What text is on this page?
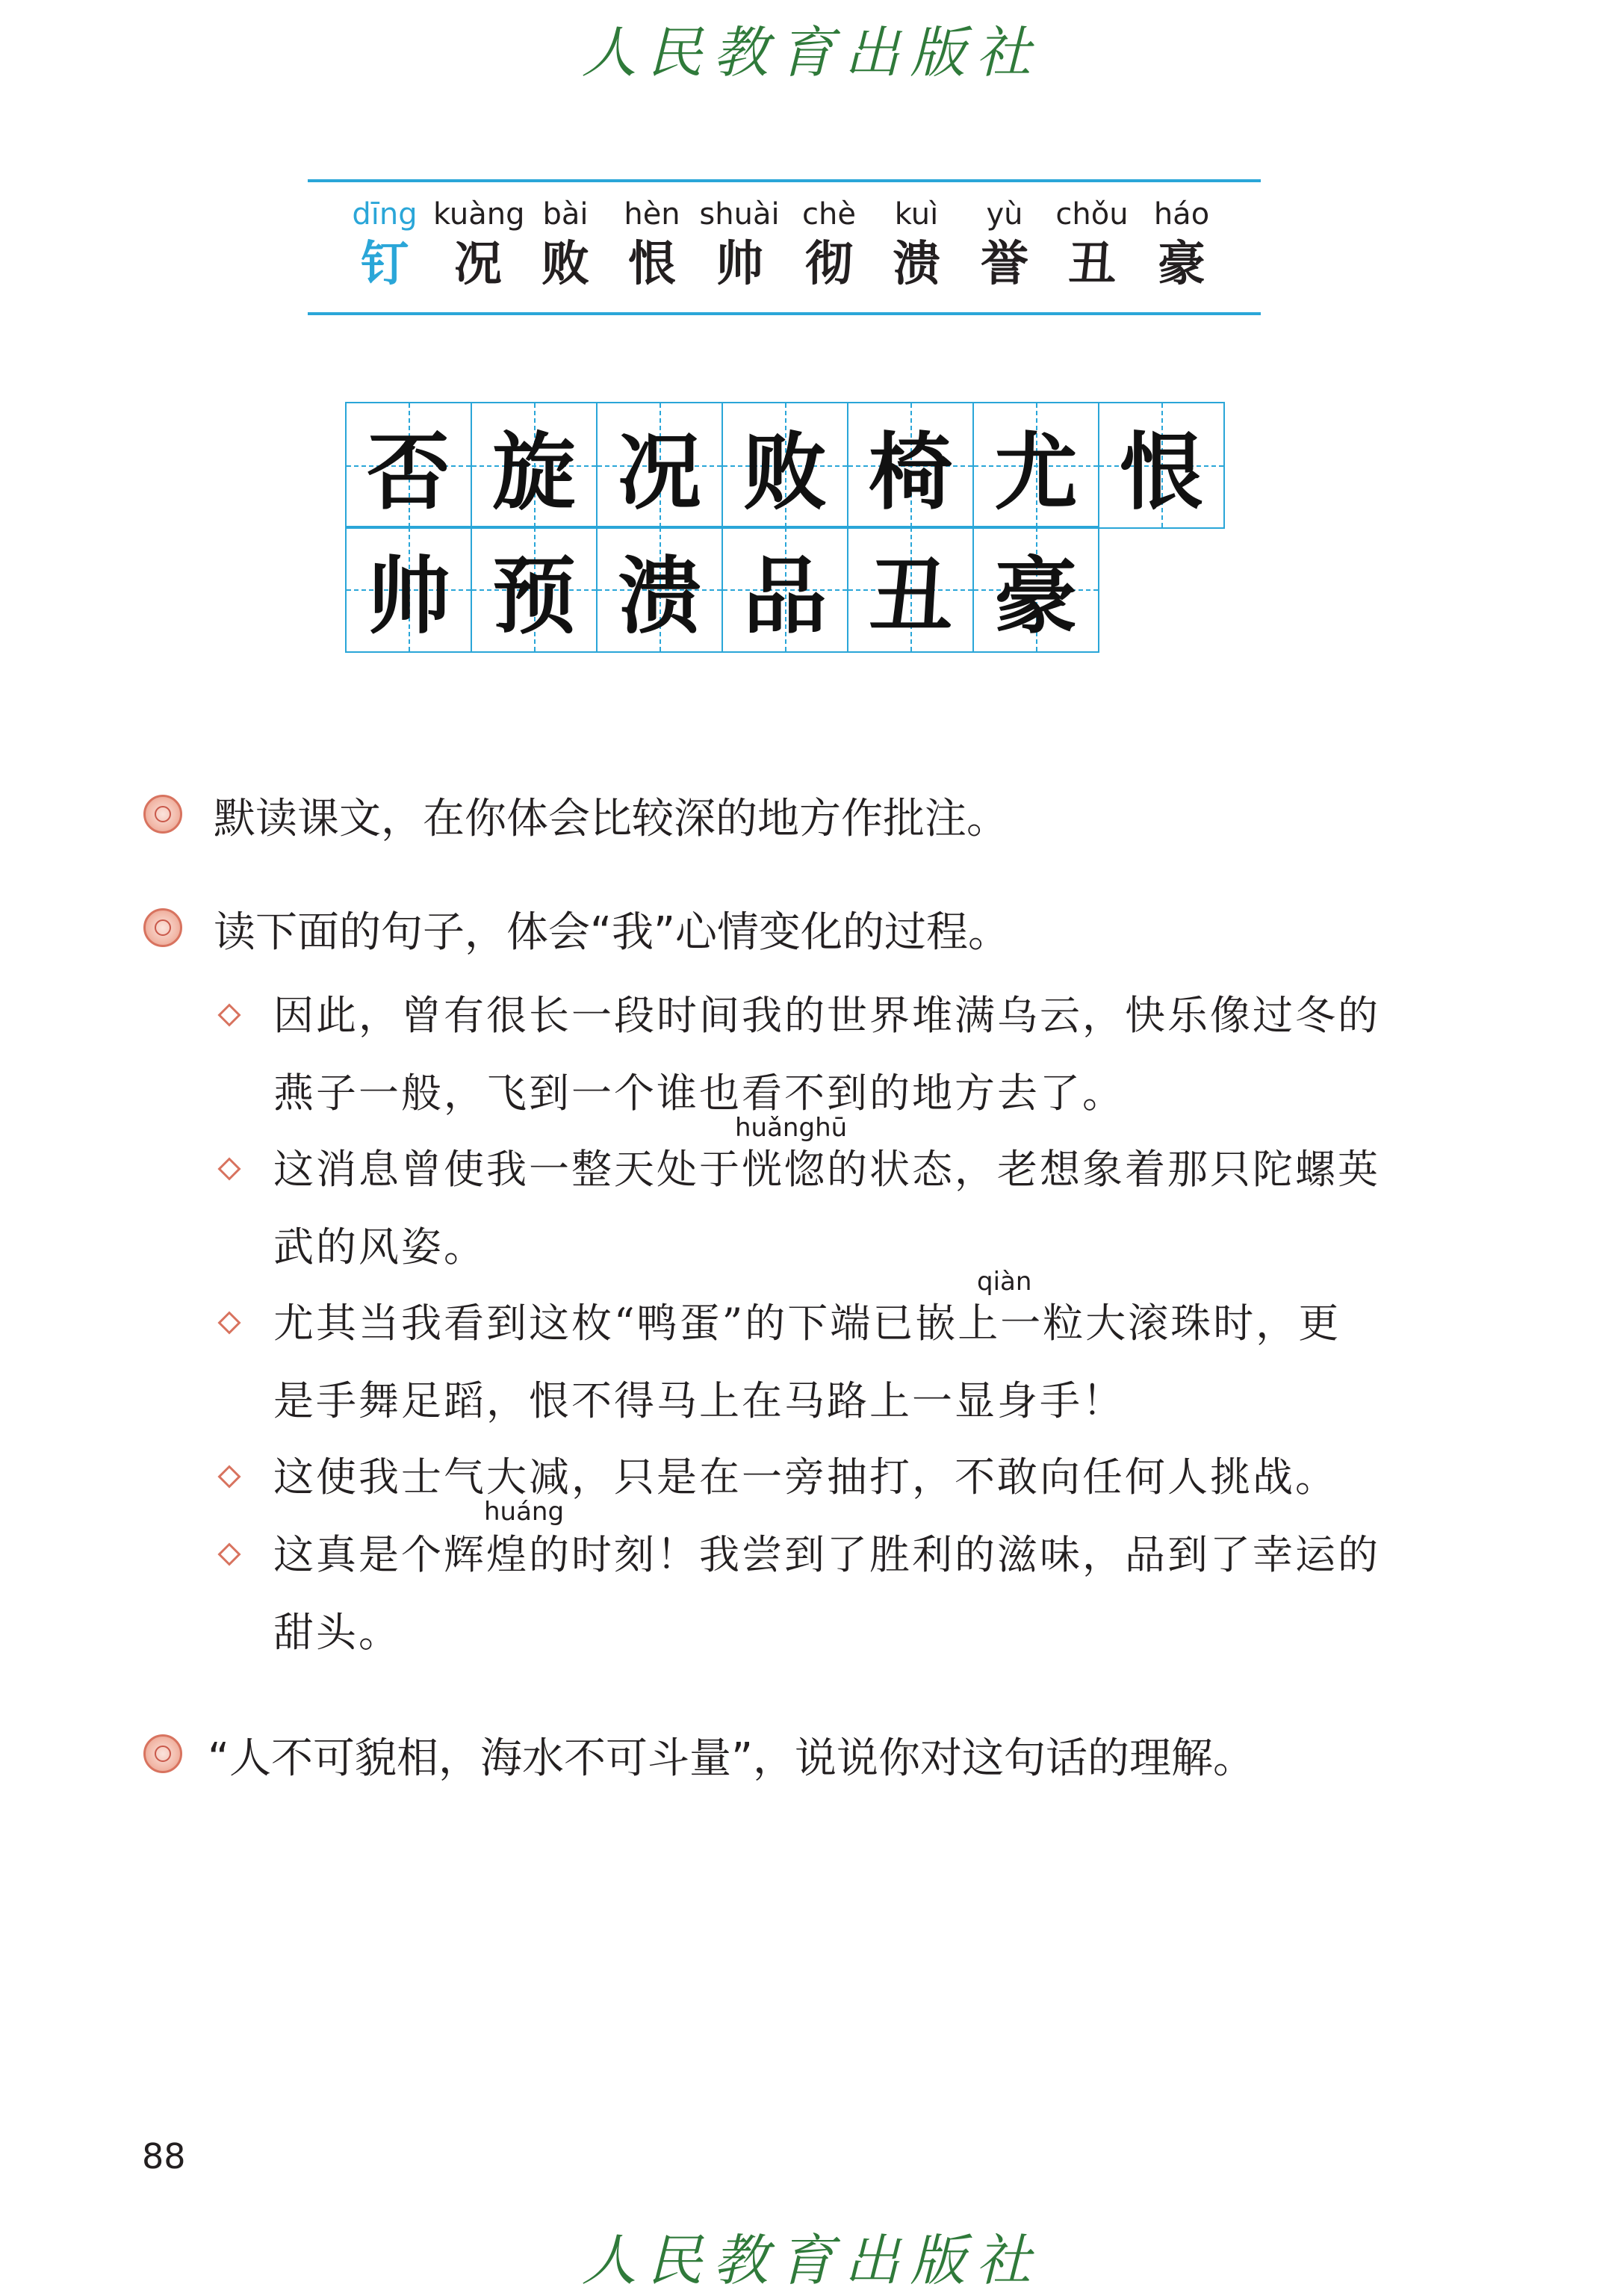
人民教育出版社
dīng
钉
kuàng
况
bài
败
hèn
恨
shuài
帅
chè
彻
kuì
溃
yù
誉
chǒu
丑
háo
豪
否 旋 况 败 椅 尤 恨
帅 预 溃 品 丑 豪
默读课文，在你体会比较深的地方作批注。
读下面的句子，体会“我”心情变化的过程。
因此，曾有很长一段时间我的世界堆满乌云，快乐像过冬的
燕子一般，飞到一个谁也看不到的地方去了。
huǎnghū
这消息曾使我一整天处于恍惚的状态，老想象着那只陀螺英
武的风姿。
qiàn
尤其当我看到这枚“鸭蛋”的下端已嵌上一粒大滚珠时，更
是手舞足蹈，恨不得马上在马路上一显身手！
这使我士气大减，只是在一旁抽打，不敢向任何人挑战。
huáng
这真是个辉煌的时刻！我尝到了胜利的滋味，品到了幸运的
甜头。
“人不可貌相，海水不可斗量”，说说你对这句话的理解。
88
人民教育出版社
